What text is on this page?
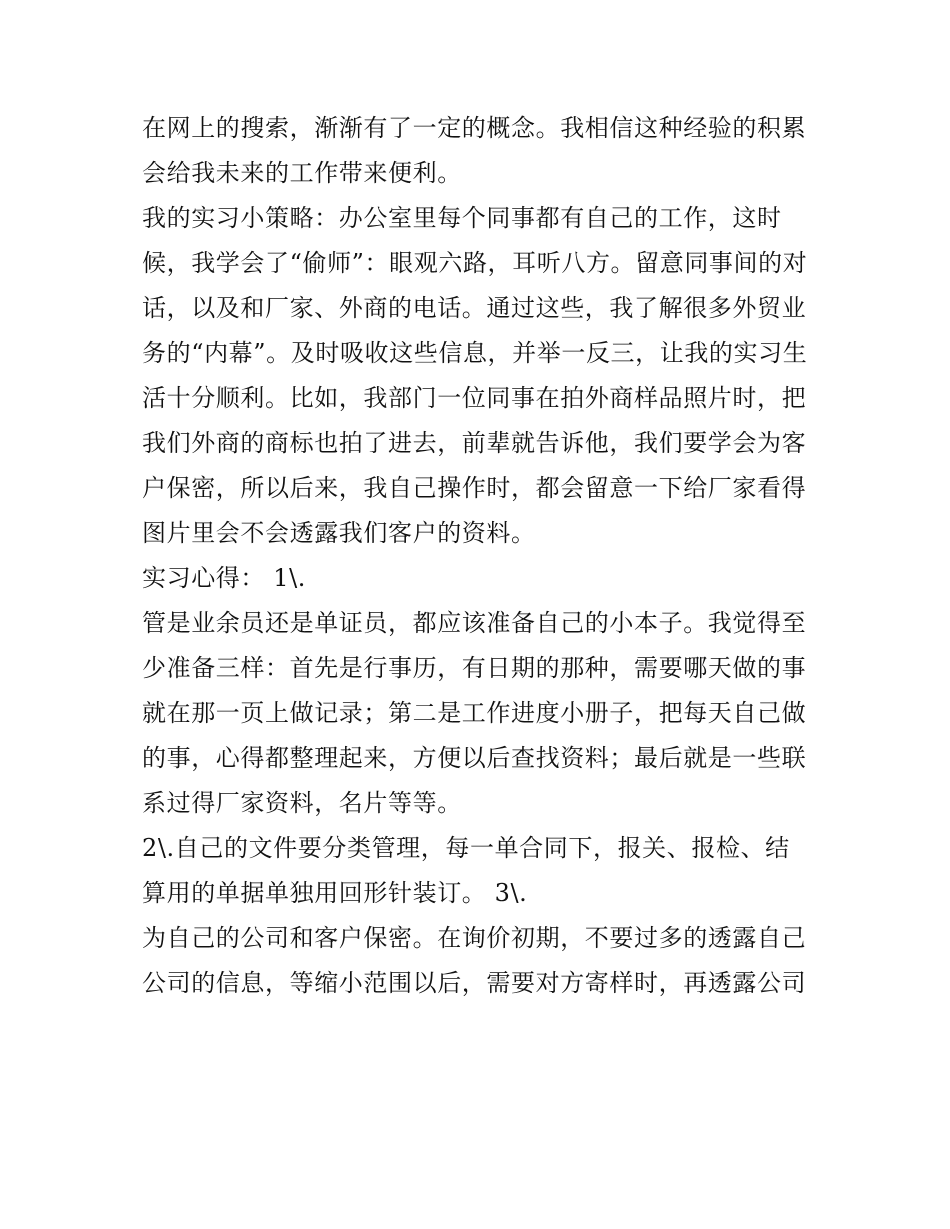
在网上的搜索，渐渐有了一定的概念。我相信这种经验的积累
会给我未来的工作带来便利。
我的实习小策略：办公室里每个同事都有自己的工作，这时
候，我学会了“偷师”：眼观六路，耳听八方。留意同事间的对
话，以及和厂家、外商的电话。通过这些，我了解很多外贸业
务的“内幕”。及时吸收这些信息，并举一反三，让我的实习生
活十分顺利。比如，我部门一位同事在拍外商样品照片时，把
我们外商的商标也拍了进去，前辈就告诉他，我们要学会为客
户保密，所以后来，我自己操作时，都会留意一下给厂家看得
图片里会不会透露我们客户的资料。
实习心得： 1\.
管是业余员还是单证员，都应该准备自己的小本子。我觉得至
少准备三样：首先是行事历，有日期的那种，需要哪天做的事
就在那一页上做记录；第二是工作进度小册子，把每天自己做
的事，心得都整理起来，方便以后查找资料；最后就是一些联
系过得厂家资料，名片等等。
2\.自己的文件要分类管理，每一单合同下，报关、报检、结
算用的单据单独用回形针装订。 3\.
为自己的公司和客户保密。在询价初期，不要过多的透露自己
公司的信息，等缩小范围以后，需要对方寄样时，再透露公司
